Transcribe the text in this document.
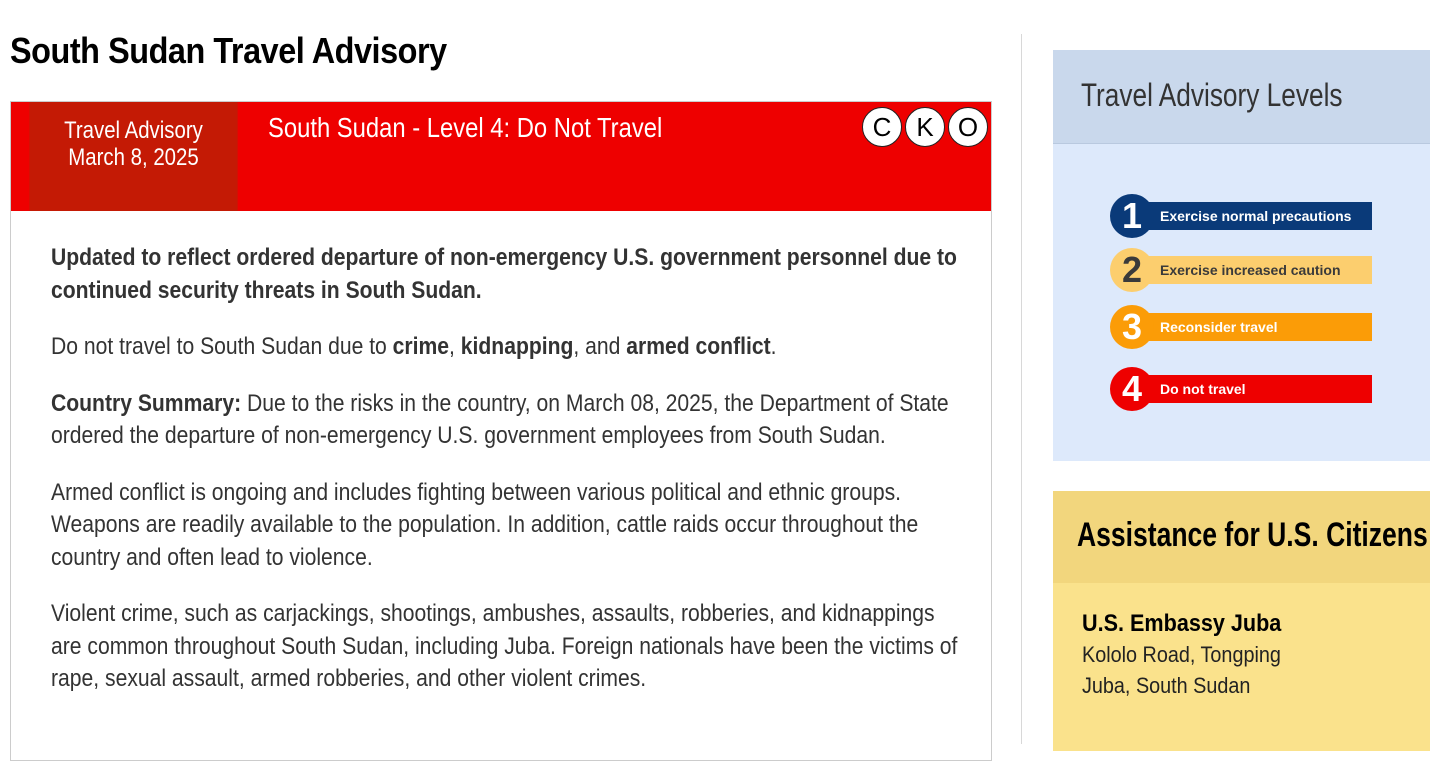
South Sudan Travel Advisory
Travel Advisory
March 8, 2025
South Sudan - Level 4: Do Not Travel	C K O

Updated to reflect ordered departure of non-emergency U.S. government personnel due to continued security threats in South Sudan.

Do not travel to South Sudan due to crime, kidnapping, and armed conflict.

Country Summary: Due to the risks in the country, on March 08, 2025, the Department of State ordered the departure of non-emergency U.S. government employees from South Sudan.

Armed conflict is ongoing and includes fighting between various political and ethnic groups. Weapons are readily available to the population. In addition, cattle raids occur throughout the country and often lead to violence.

Violent crime, such as carjackings, shootings, ambushes, assaults, robberies, and kidnappings are common throughout South Sudan, including Juba. Foreign nationals have been the victims of rape, sexual assault, armed robberies, and other violent crimes.

Travel Advisory Levels
Exercise normal precautions
1
Exercise increased caution
2
Reconsider travel
3
Do not travel
4
Assistance for U.S. Citizens
U.S. Embassy Juba
Kololo Road, Tongping
Juba, South Sudan
